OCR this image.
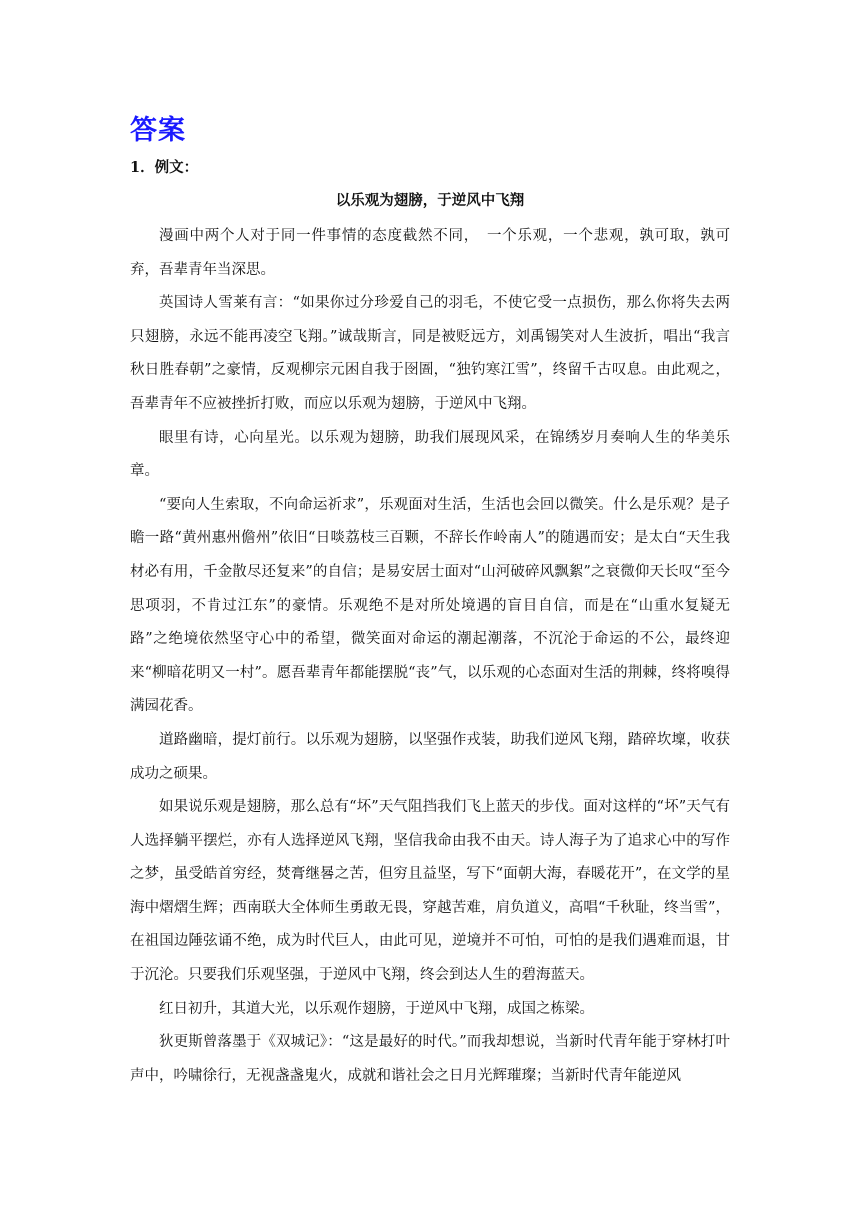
答案
1．例文：
以乐观为翅膀，于逆风中飞翔

漫画中两个人对于同一件事情的态度截然不同，　一个乐观，一个悲观，孰可取，孰可弃，吾辈青年当深思。

英国诗人雪莱有言：“如果你过分珍爱自己的羽毛，不使它受一点损伤，那么你将失去两只翅膀，永远不能再凌空飞翔。”诚哉斯言，同是被贬远方，刘禹锡笑对人生波折，唱出“我言秋日胜春朝”之豪情，反观柳宗元困自我于囹圄，“独钓寒江雪”，终留千古叹息。由此观之，吾辈青年不应被挫折打败，而应以乐观为翅膀，于逆风中飞翔。

眼里有诗，心向星光。以乐观为翅膀，助我们展现风采，在锦绣岁月奏响人生的华美乐章。

“要向人生索取，不向命运祈求”，乐观面对生活，生活也会回以微笑。什么是乐观？是子瞻一路“黄州惠州儋州”依旧“日啖荔枝三百颗，不辞长作岭南人”的随遇而安；是太白“天生我材必有用，千金散尽还复来”的自信；是易安居士面对“山河破碎风飘絮”之衰微仰天长叹“至今思项羽，不肯过江东”的豪情。乐观绝不是对所处境遇的盲目自信，而是在“山重水复疑无路”之绝境依然坚守心中的希望，微笑面对命运的潮起潮落，不沉沦于命运的不公，最终迎来“柳暗花明又一村”。愿吾辈青年都能摆脱“丧”气，以乐观的心态面对生活的荆棘，终将嗅得满园花香。

道路幽暗，提灯前行。以乐观为翅膀，以坚强作戎装，助我们逆风飞翔，踏碎坎壈，收获成功之硕果。

如果说乐观是翅膀，那么总有“坏”天气阻挡我们飞上蓝天的步伐。面对这样的“坏”天气有人选择躺平摆烂，亦有人选择逆风飞翔，坚信我命由我不由天。诗人海子为了追求心中的写作之梦，虽受皓首穷经，焚膏继晷之苦，但穷且益坚，写下“面朝大海，春暖花开”，在文学的星海中熠熠生辉；西南联大全体师生勇敢无畏，穿越苦难，肩负道义，高唱“千秋耻，终当雪”，在祖国边陲弦诵不绝，成为时代巨人，由此可见，逆境并不可怕，可怕的是我们遇难而退，甘于沉沦。只要我们乐观坚强，于逆风中飞翔，终会到达人生的碧海蓝天。

红日初升，其道大光，以乐观作翅膀，于逆风中飞翔，成国之栋梁。

狄更斯曾落墨于《双城记》：“这是最好的时代。”而我却想说，当新时代青年能于穿林打叶声中，吟啸徐行，无视盏盏鬼火，成就和谐社会之日月光辉璀璨；当新时代青年能逆风
